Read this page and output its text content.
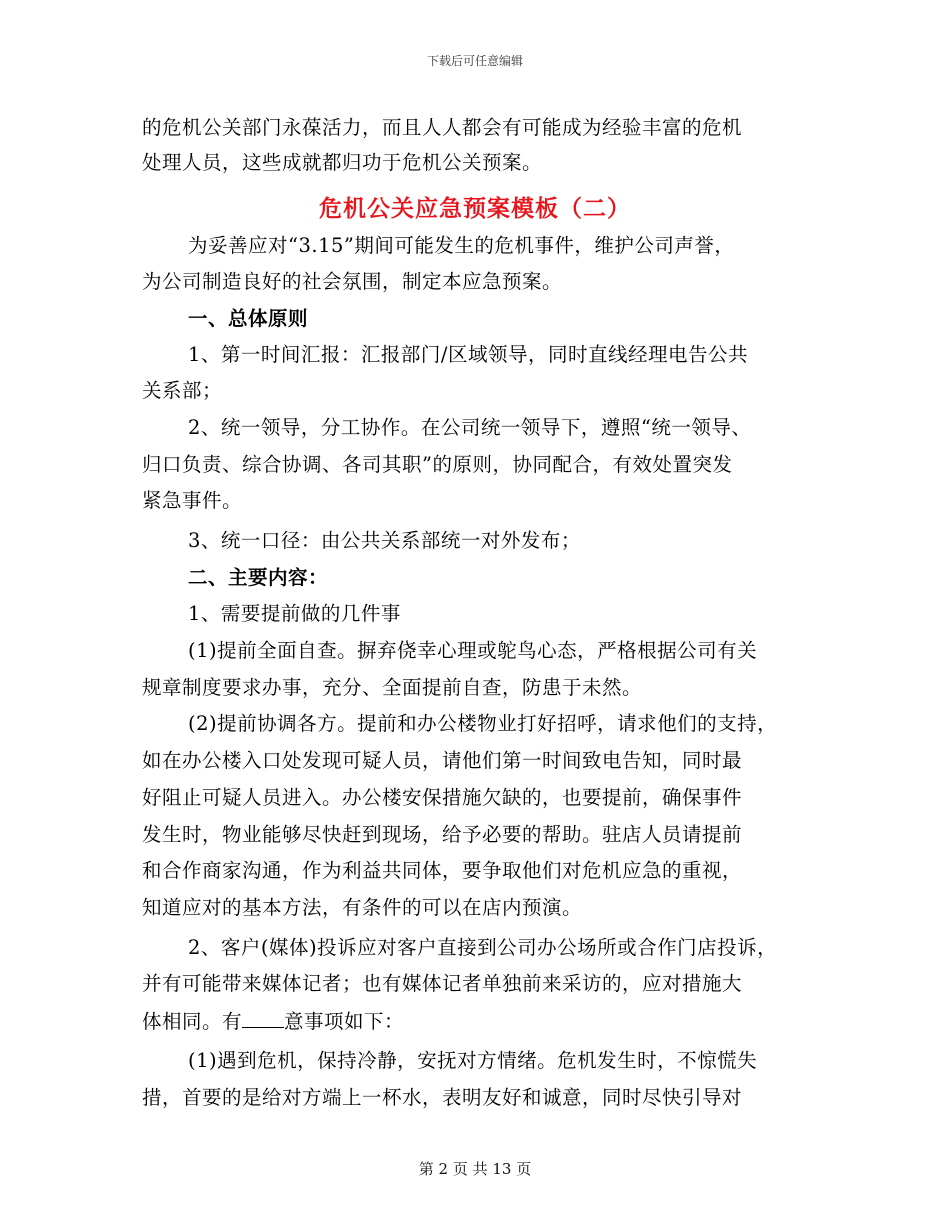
下载后可任意编辑
的危机公关部门永葆活力，而且人人都会有可能成为经验丰富的危机
处理人员，这些成就都归功于危机公关预案。
危机公关应急预案模板（二）
为妥善应对“3.15”期间可能发生的危机事件，维护公司声誉，
为公司制造良好的社会氛围，制定本应急预案。
一、总体原则
1、第一时间汇报：汇报部门/区域领导，同时直线经理电告公共
关系部；
2、统一领导，分工协作。在公司统一领导下，遵照“统一领导、
归口负责、综合协调、各司其职”的原则，协同配合，有效处置突发
紧急事件。
3、统一口径：由公共关系部统一对外发布；
二、主要内容：
1、需要提前做的几件事
(1)提前全面自查。摒弃侥幸心理或鸵鸟心态，严格根据公司有关
规章制度要求办事，充分、全面提前自查，防患于未然。
(2)提前协调各方。提前和办公楼物业打好招呼，请求他们的支持，
如在办公楼入口处发现可疑人员，请他们第一时间致电告知，同时最
好阻止可疑人员进入。办公楼安保措施欠缺的，也要提前，确保事件
发生时，物业能够尽快赶到现场，给予必要的帮助。驻店人员请提前
和合作商家沟通，作为利益共同体，要争取他们对危机应急的重视，
知道应对的基本方法，有条件的可以在店内预演。
2、客户(媒体)投诉应对客户直接到公司办公场所或合作门店投诉，
并有可能带来媒体记者；也有媒体记者单独前来采访的，应对措施大
体相同。有 意事项如下：
(1)遇到危机，保持冷静，安抚对方情绪。危机发生时，不惊慌失
措，首要的是给对方端上一杯水，表明友好和诚意，同时尽快引导对
第 2 页 共 13 页
